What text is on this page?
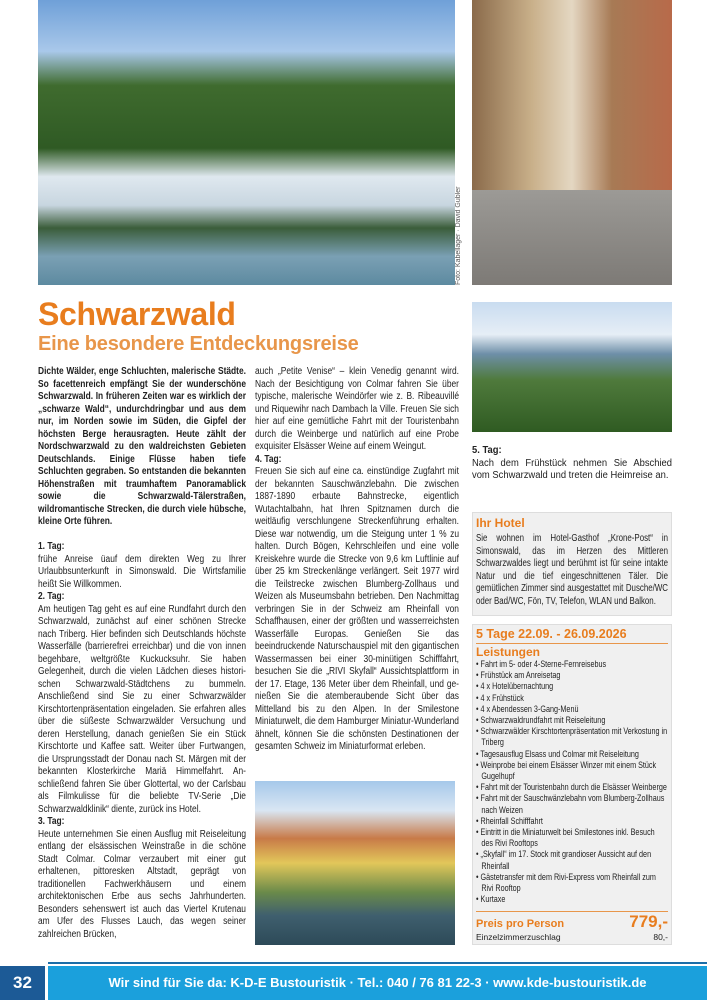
Foto: Kabellager · David Gubler
Schwarzwald
Eine besondere Entdeckungsreise

Dichte Wälder, enge Schluchten, malerische Städte. So facettenreich empfängt Sie der wunderschöne Schwarzwald. In früheren Zeiten war es wirklich der „schwarze Wald“, undurchdringbar und aus dem nur, im Norden sowie im Süden, die Gipfel der höchsten Berge herausragten. Heute zählt der Nordschwarzwald zu den waldreichsten Gebieten Deutschlands. Einige Flüsse haben tiefe Schluchten gegraben. So entstanden die bekannten Höhenstraßen mit traumhaftem Panoramablick sowie die Schwarzwald-Tälerstraßen, wildromantische Strecken, die durch viele hübsche, kleine Orte führen.

1. Tag:

frühe Anreise üauf dem direkten Weg zu Ihrer Urlaubbsunterkunft in Simonswald. Die Wirtsfamilie heißt Sie Willkommen.

2. Tag:

Am heutigen Tag geht es auf eine Rundfahrt durch den Schwarzwald, zunächst auf einer schönen Strecke nach Triberg. Hier befinden sich Deutschlands höchste Wasserfälle (barrierefrei erreichbar) und die von innen begehbare, weltgrößte Kuckucksuhr. Sie haben Gelegenheit, durch die vielen Lädchen dieses historischen Schwarzwald-Städtchens zu bummeln. Anschließend sind Sie zu einer Schwarzwälder Kirschtortenpräsentation eingeladen. Sie erfahren alles über die süßeste Schwarzwälder Versuchung und deren Herstellung, danach genießen Sie ein Stück Kirschtorte und Kaffee satt. Weiter über Furtwangen, die Ursprungsstadt der Donau nach St. Märgen mit der bekannten Klosterkirche Mariä Himmelfahrt. Anschließend fahren Sie über Glottertal, wo der Carlsbau als Filmkulisse für die beliebte TV-Serie „Die Schwarzwaldklinik“ diente, zurück ins Hotel.

3. Tag:

Heute unternehmen Sie einen Ausflug mit Reiseleitung entlang der elsässischen Weinstraße in die schöne Stadt Colmar. Colmar verzaubert mit einer gut erhaltenen, pittoresken Altstadt, geprägt von traditionellen Fachwerkhäusern und einem architektonischen Erbe aus sechs Jahrhunderten. Besonders sehenswert ist auch das Viertel Krutenau am Ufer des Flusses Lauch, das wegen seiner zahlreichen Brücken,

auch „Petite Venise“ – klein Venedig genannt wird. Nach der Besichtigung von Colmar fahren Sie über typische, malerische Weindörfer wie z. B. Ribeauvillé und Riquewihr nach Dambach la Ville. Freuen Sie sich hier auf eine gemütliche Fahrt mit der Touristenbahn durch die Weinberge und natürlich auf eine Probe exquisiter Elsässer Weine auf einem Weingut.

4. Tag:

Freuen Sie sich auf eine ca. einstündige Zugfahrt mit der bekannten Sauschwänzlebahn. Die zwischen 1887-1890 erbaute Bahnstrecke, eigentlich Wutachtalbahn, hat Ihren Spitznamen durch die weitläufig verschlungene Streckenführung erhalten. Diese war notwendig, um die Steigung unter 1 % zu halten. Durch Bögen, Kehrschleifen und eine volle Kreiskehre wurde die Strecke von 9,6 km Luftlinie auf über 25 km Streckenlänge verlängert. Seit 1977 wird die Teilstrecke zwischen Blumberg-Zollhaus und Weizen als Museumsbahn betrieben. Den Nachmittag verbringen Sie in der Schweiz am Rheinfall von Schaffhausen, einer der größten und wasserreichsten Wasserfälle Europas. Genießen Sie das beeindruckende Naturschauspiel mit den gigantischen Wassermassen bei einer 30-minütigen Schifffahrt, besuchen Sie die „RIVI Skyfall“ Aussichtsplattform in der 17. Etage, 136 Meter über dem Rheinfall, und genießen Sie die atemberaubende Sicht über das Mittelland bis zu den Alpen. In der Smilestone Miniaturwelt, die dem Hamburger Miniatur-Wunderland ähnelt, können Sie die schönsten Destinationen der gesamten Schweiz im Miniaturformat erleben.

5. Tag:

Nach dem Frühstück nehmen Sie Abschied vom Schwarzwald und treten die Heimreise an.

Ihr Hotel
Sie wohnen im Hotel-Gasthof „Krone-Post“ in Simonswald, das im Herzen des Mittleren Schwarzwaldes liegt und berühmt ist für seine intakte Natur und die tief eingeschnittenen Täler. Die gemütlichen Zimmer sind ausgestattet mit Dusche/WC oder Bad/WC, Fön, TV, Telefon, WLAN und Balkon.
5 Tage 22.09. - 26.09.2026
Leistungen
• Fahrt im 5- oder 4-Sterne-Fernreisebus
• Frühstück am Anreisetag
• 4 x Hotelübernachtung
• 4 x Frühstück
• 4 x Abendessen 3-Gang-Menü
• Schwarzwaldrundfahrt mit Reiseleitung
• Schwarzwälder Kirschtortenpräsentation mit Verkostung in Triberg
• Tagesausflug Elsass und Colmar mit Reiseleitung
• Weinprobe bei einem Elsässer Winzer mit einem Stück Gugelhupf
• Fahrt mit der Touristenbahn durch die Elsässer Weinberge
• Fahrt mit der Sauschwänzlebahn vom Blumberg-Zollhaus nach Weizen
• Rheinfall Schifffahrt
• Eintritt in die Miniaturwelt bei Smilestones inkl. Besuch des Rivi Rooftops
• „Skyfall“ im 17. Stock mit grandioser Aussicht auf den Rheinfall
• Gästetransfer mit dem Rivi-Express vom Rheinfall zum Rivi Rooftop
• Kurtaxe
Preis pro Person	779,-
Einzelzimmerzuschlag	80,-
32	Wir sind für Sie da: K-D-E Bustouristik · Tel.: 040 / 76 81 22-3 · www.kde-bustouristik.de
